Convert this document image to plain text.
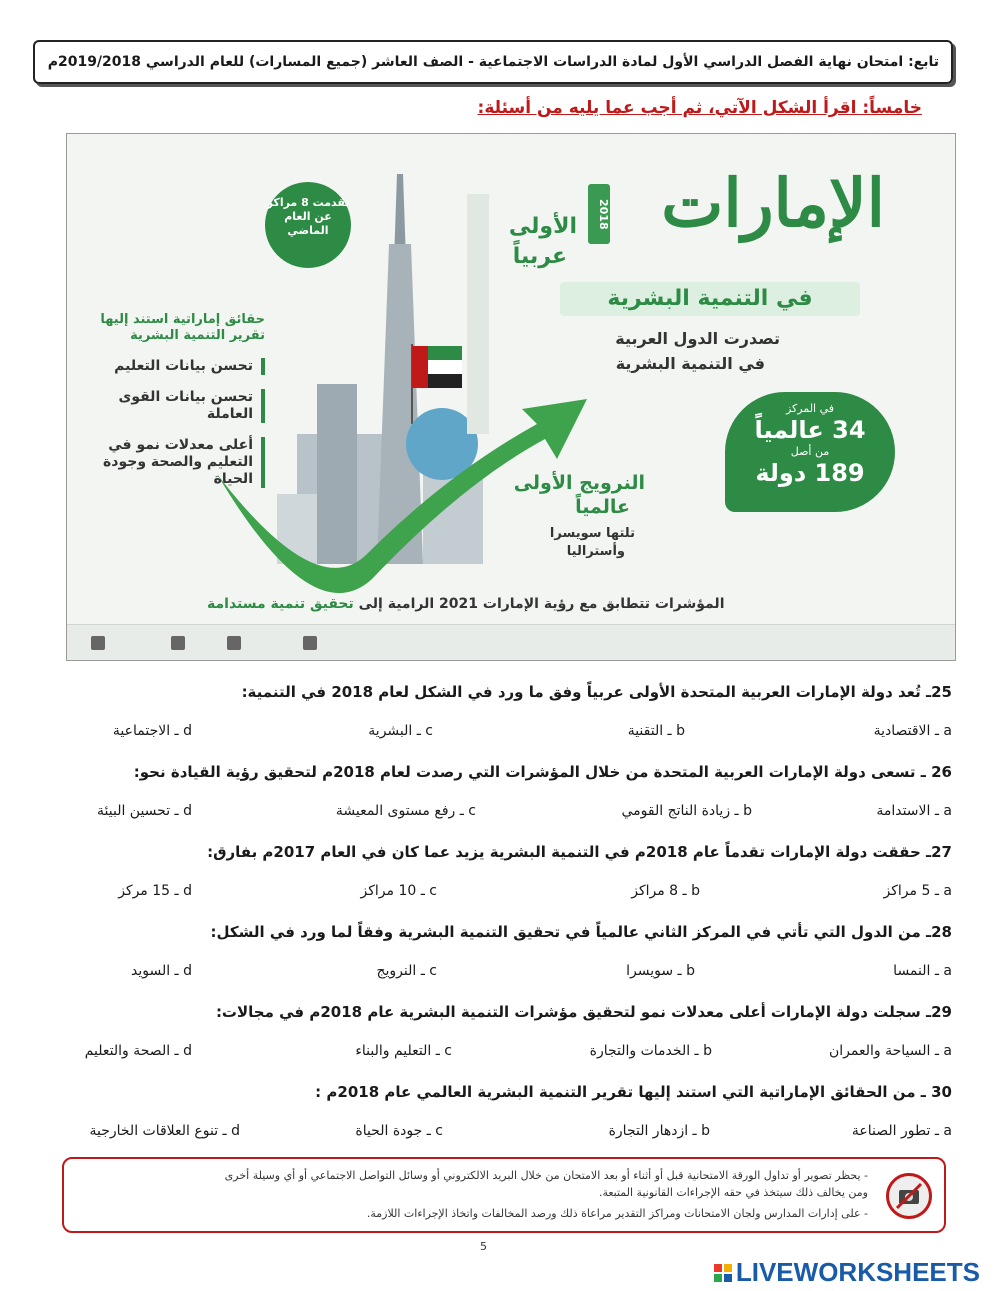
تابع: امتحان نهاية الفصل الدراسي الأول لمادة الدراسات الاجتماعية - الصف العاشر (جميع المسارات) للعام الدراسي 2019/2018م
خامساً: اقرأ الشكل الآتي، ثم أجب عما يليه من أسئلة:
الإمارات
2018
الأولى
عربياً
في التنمية البشرية
تصدرت الدول العربية
في التنمية البشرية
في المركز
34 عالمياً
من أصل
189 دولة
النرويج الأولى
عالمياً
تلتها سويسرا
وأستراليا
تقدمت 8 مراكز عن العام الماضي
حقائق إماراتية استند إليها تقرير التنمية البشرية
تحسن بيانات التعليم
تحسن بيانات القوى العاملة
أعلى معدلات نمو في التعليم والصحة وجودة الحياة
المؤشرات تتطابق مع رؤية الإمارات 2021 الرامية إلى تحقيق تنمية مستدامة
25ـ تُعد دولة الإمارات العربية المتحدة الأولى عربياً وفق ما ورد في الشكل لعام 2018 في التنمية:
a ـ الاقتصادية
b ـ التقنية
c ـ البشرية
d ـ الاجتماعية
26 ـ تسعى دولة الإمارات العربية المتحدة من خلال المؤشرات التي رصدت لعام 2018م لتحقيق رؤية القيادة نحو:
a ـ الاستدامة
b ـ زيادة الناتج القومي
c ـ رفع مستوى المعيشة
d ـ تحسين البيئة
27ـ حققت دولة الإمارات تقدماً عام 2018م في التنمية البشرية يزيد عما كان في العام 2017م بفارق:
a ـ 5 مراكز
b ـ 8 مراكز
c ـ 10 مراكز
d ـ 15 مركز
28ـ من الدول التي تأتي في المركز الثاني عالمياً في تحقيق التنمية البشرية وفقاً لما ورد في الشكل:
a ـ النمسا
b ـ سويسرا
c ـ النرويج
d ـ السويد
29ـ سجلت دولة الإمارات أعلى معدلات نمو لتحقيق مؤشرات التنمية البشرية عام 2018م في مجالات:
a ـ السياحة والعمران
b ـ الخدمات والتجارة
c ـ التعليم والبناء
d ـ الصحة والتعليم
30 ـ من الحقائق الإماراتية التي استند إليها تقرير التنمية البشرية العالمي عام 2018م :
a ـ تطور الصناعة
b ـ ازدهار التجارة
c ـ جودة الحياة
d ـ تنوع العلاقات الخارجية
- يحظر تصوير أو تداول الورقة الامتحانية قبل أو أثناء أو بعد الامتحان من خلال البريد الالكتروني أو وسائل التواصل الاجتماعي أو أي وسيلة أخرى
ومن يخالف ذلك سيتخذ في حقه الإجراءات القانونية المتبعة.
- على إدارات المدارس ولجان الامتحانات ومراكز التقدير مراعاة ذلك ورصد المخالفات واتخاذ الإجراءات اللازمة.
5
LIVEWORKSHEETS
